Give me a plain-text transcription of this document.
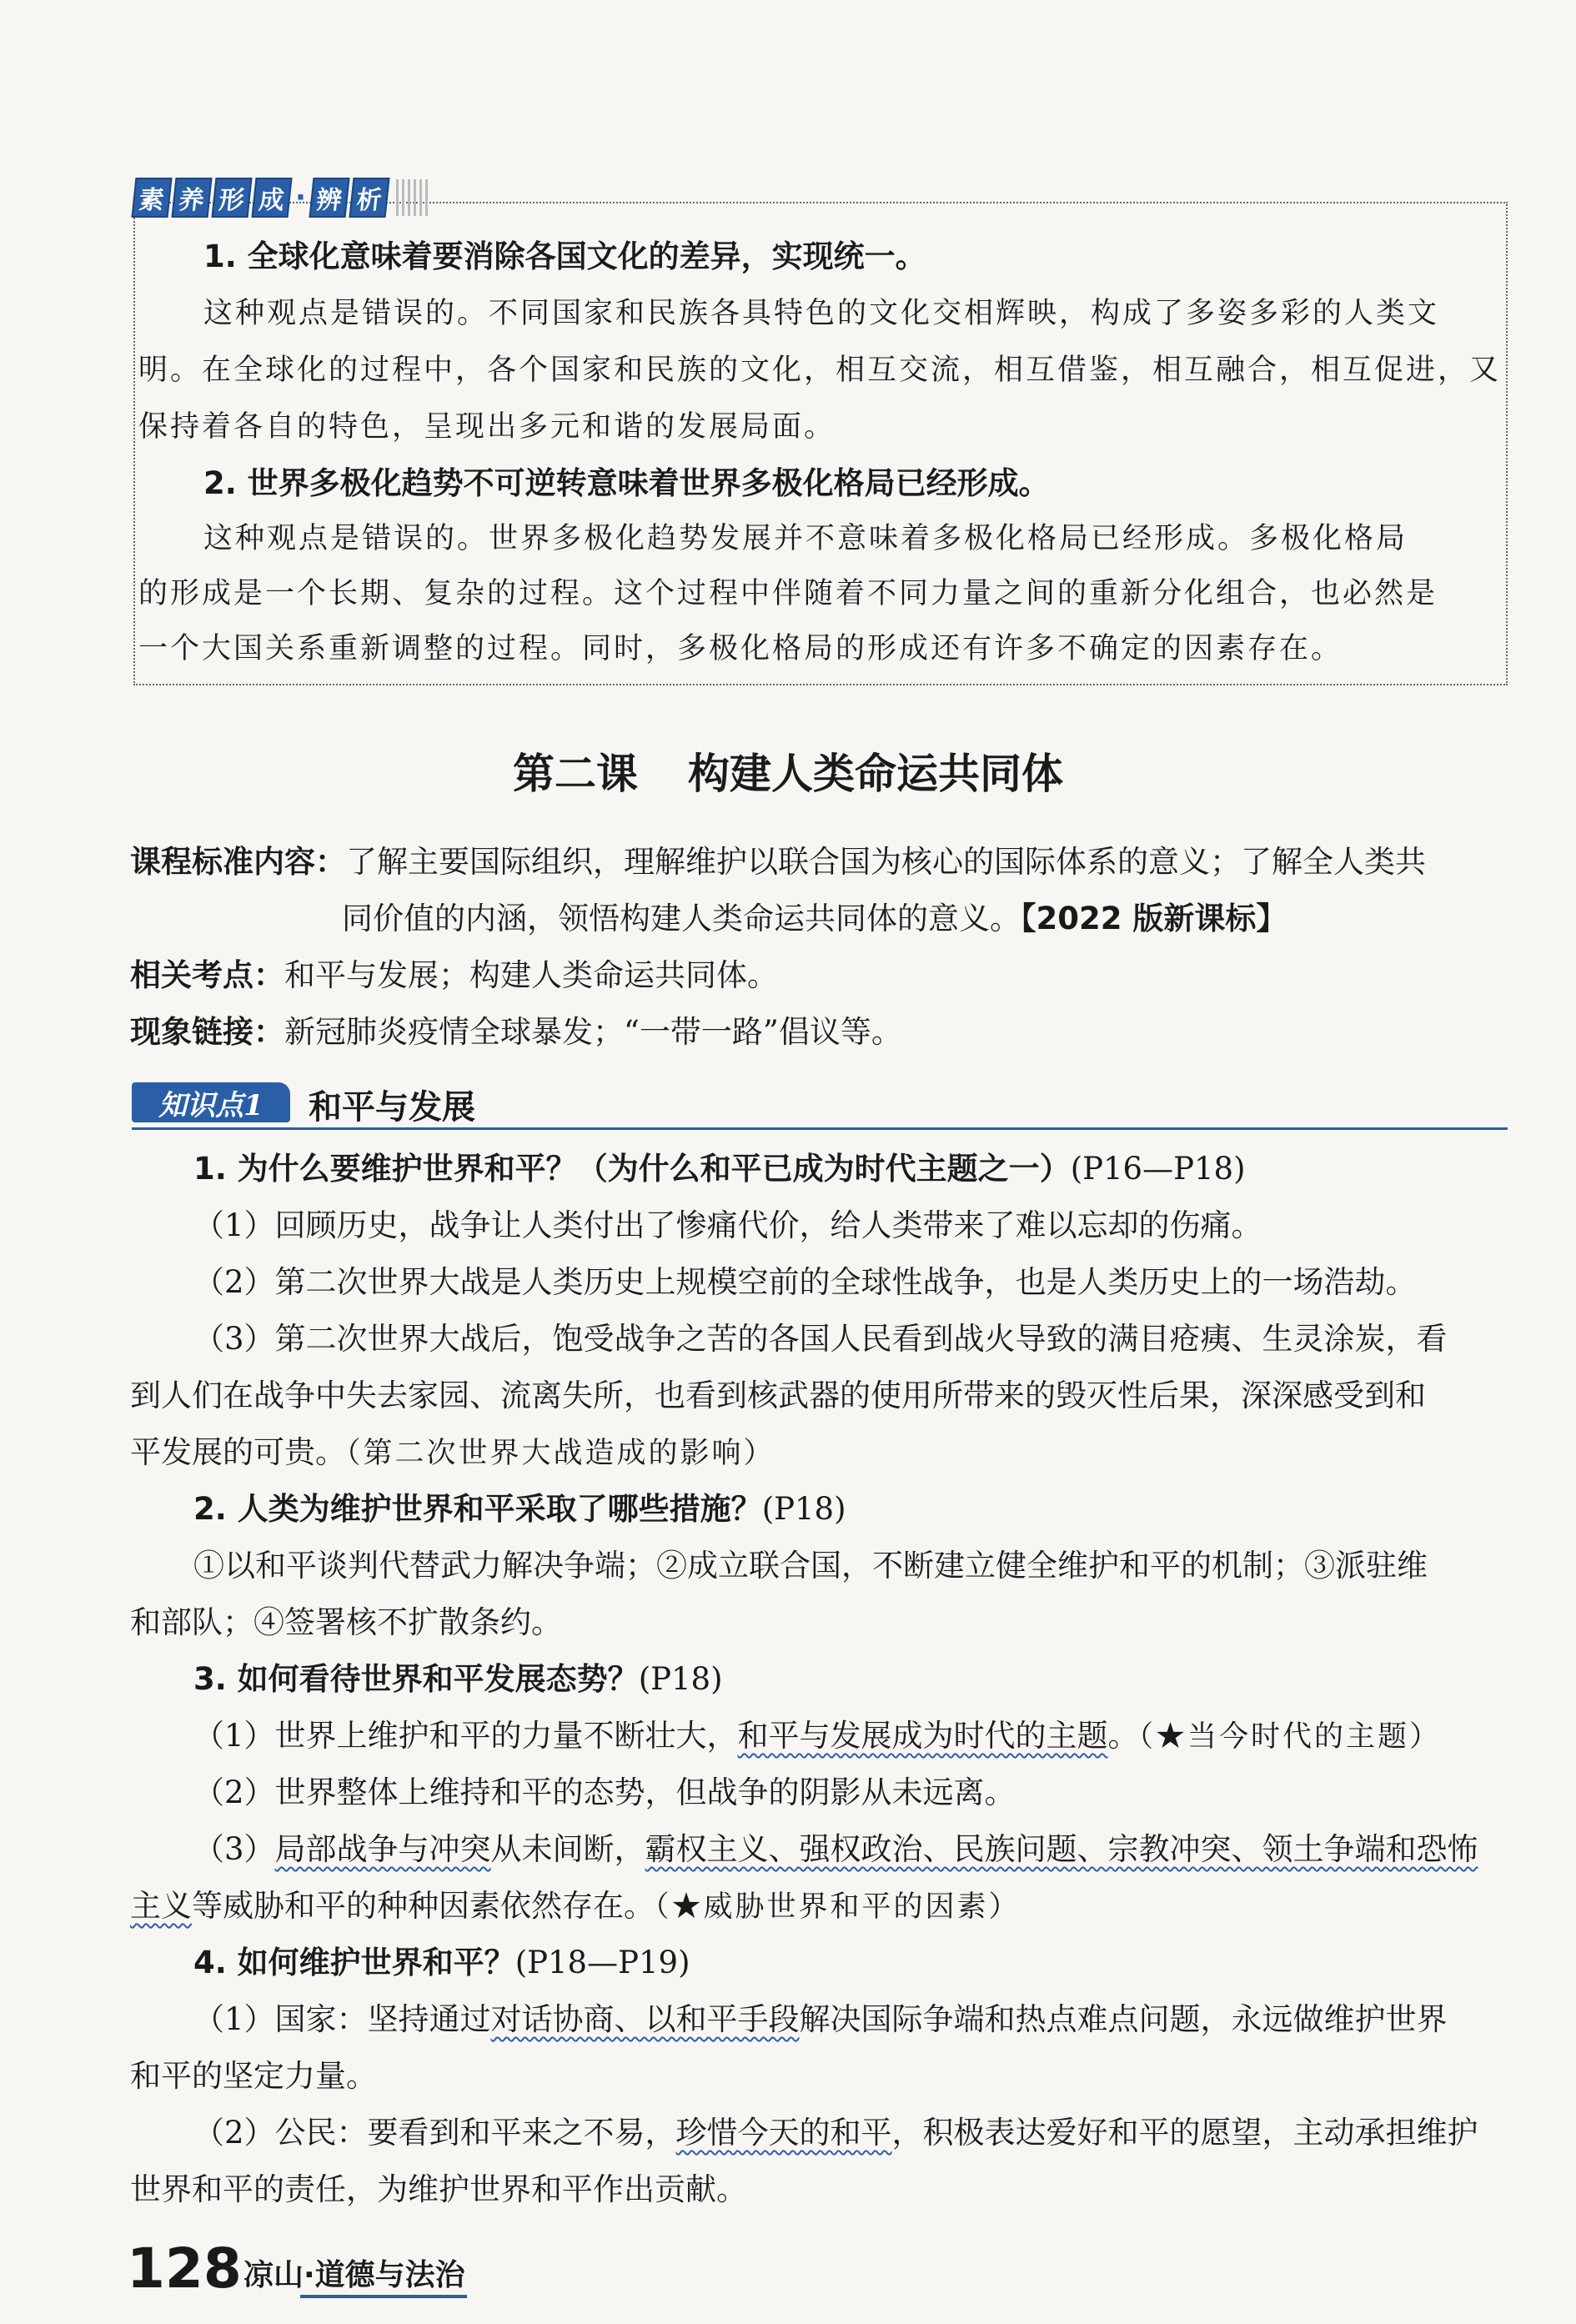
素 养 形 成 · 辨 析

1. 全球化意味着要消除各国文化的差异，实现统一。

这种观点是错误的。不同国家和民族各具特色的文化交相辉映，构成了多姿多彩的人类文

明。在全球化的过程中，各个国家和民族的文化，相互交流，相互借鉴，相互融合，相互促进，又

保持着各自的特色，呈现出多元和谐的发展局面。

2. 世界多极化趋势不可逆转意味着世界多极化格局已经形成。

这种观点是错误的。世界多极化趋势发展并不意味着多极化格局已经形成。多极化格局

的形成是一个长期、复杂的过程。这个过程中伴随着不同力量之间的重新分化组合，也必然是

一个大国关系重新调整的过程。同时，多极化格局的形成还有许多不确定的因素存在。

第二课 构建人类命运共同体

课程标准内容：了解主要国际组织，理解维护以联合国为核心的国际体系的意义；了解全人类共

同价值的内涵，领悟构建人类命运共同体的意义。【2022 版新课标】

相关考点：和平与发展；构建人类命运共同体。

现象链接：新冠肺炎疫情全球暴发；“一带一路”倡议等。

知识点1	和平与发展

1. 为什么要维护世界和平？（为什么和平已成为时代主题之一）(P16—P18)

（1）回顾历史，战争让人类付出了惨痛代价，给人类带来了难以忘却的伤痛。

（2）第二次世界大战是人类历史上规模空前的全球性战争，也是人类历史上的一场浩劫。

（3）第二次世界大战后，饱受战争之苦的各国人民看到战火导致的满目疮痍、生灵涂炭，看

到人们在战争中失去家园、流离失所，也看到核武器的使用所带来的毁灭性后果，深深感受到和

平发展的可贵。（第二次世界大战造成的影响）

2. 人类为维护世界和平采取了哪些措施？(P18)

①以和平谈判代替武力解决争端；②成立联合国，不断建立健全维护和平的机制；③派驻维

和部队；④签署核不扩散条约。

3. 如何看待世界和平发展态势？(P18)

（1）世界上维护和平的力量不断壮大，和平与发展成为时代的主题。（★当今时代的主题）

（2）世界整体上维持和平的态势，但战争的阴影从未远离。

（3）局部战争与冲突从未间断，霸权主义、强权政治、民族问题、宗教冲突、领土争端和恐怖

主义等威胁和平的种种因素依然存在。（★威胁世界和平的因素）

4. 如何维护世界和平？(P18—P19)

（1）国家：坚持通过对话协商、以和平手段解决国际争端和热点难点问题，永远做维护世界

和平的坚定力量。

（2）公民：要看到和平来之不易，珍惜今天的和平，积极表达爱好和平的愿望，主动承担维护

世界和平的责任，为维护世界和平作出贡献。

128 凉山·道德与法治
